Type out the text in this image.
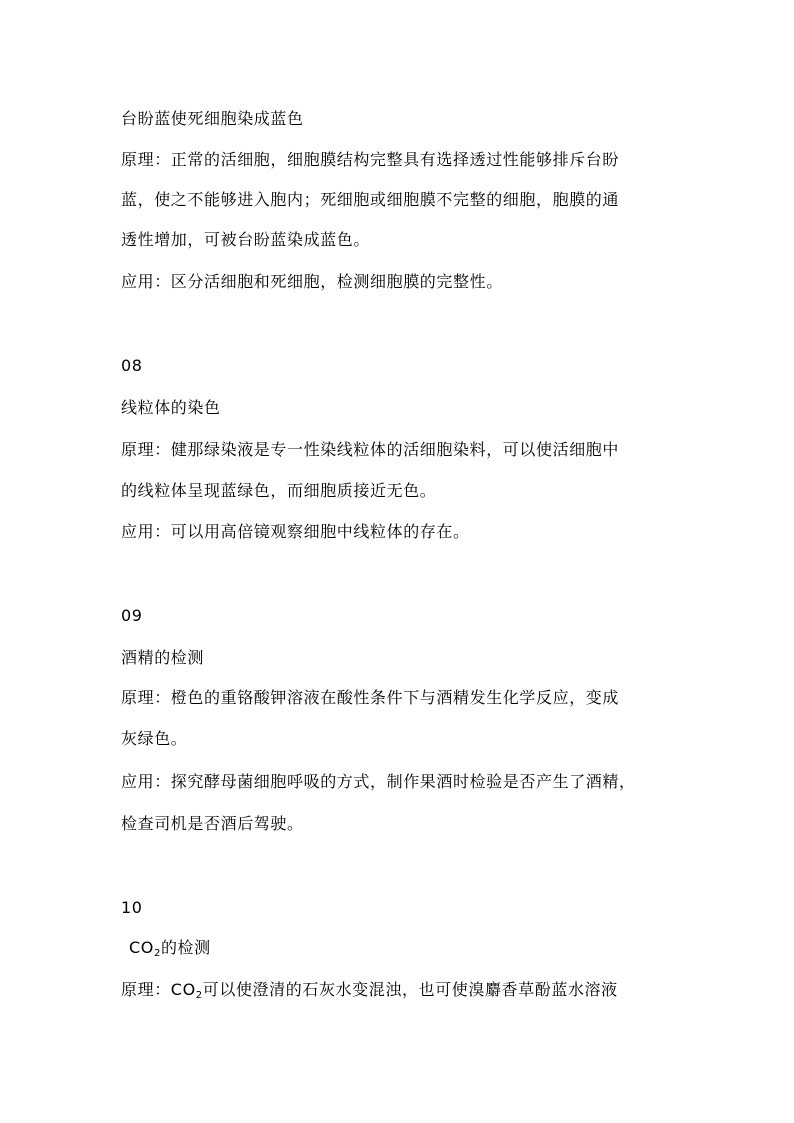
台盼蓝使死细胞染成蓝色
原理：正常的活细胞，细胞膜结构完整具有选择透过性能够排斥台盼
蓝，使之不能够进入胞内；死细胞或细胞膜不完整的细胞，胞膜的通
透性增加，可被台盼蓝染成蓝色。
应用：区分活细胞和死细胞，检测细胞膜的完整性。
08
线粒体的染色
原理：健那绿染液是专一性染线粒体的活细胞染料，可以使活细胞中
的线粒体呈现蓝绿色，而细胞质接近无色。
应用：可以用高倍镜观察细胞中线粒体的存在。
09
酒精的检测
原理：橙色的重铬酸钾溶液在酸性条件下与酒精发生化学反应，变成
灰绿色。
应用：探究酵母菌细胞呼吸的方式，制作果酒时检验是否产生了酒精，
检查司机是否酒后驾驶。
10
$CO_2$的检测
原理：$CO_2$可以使澄清的石灰水变混浊，也可使溴麝香草酚蓝水溶液
